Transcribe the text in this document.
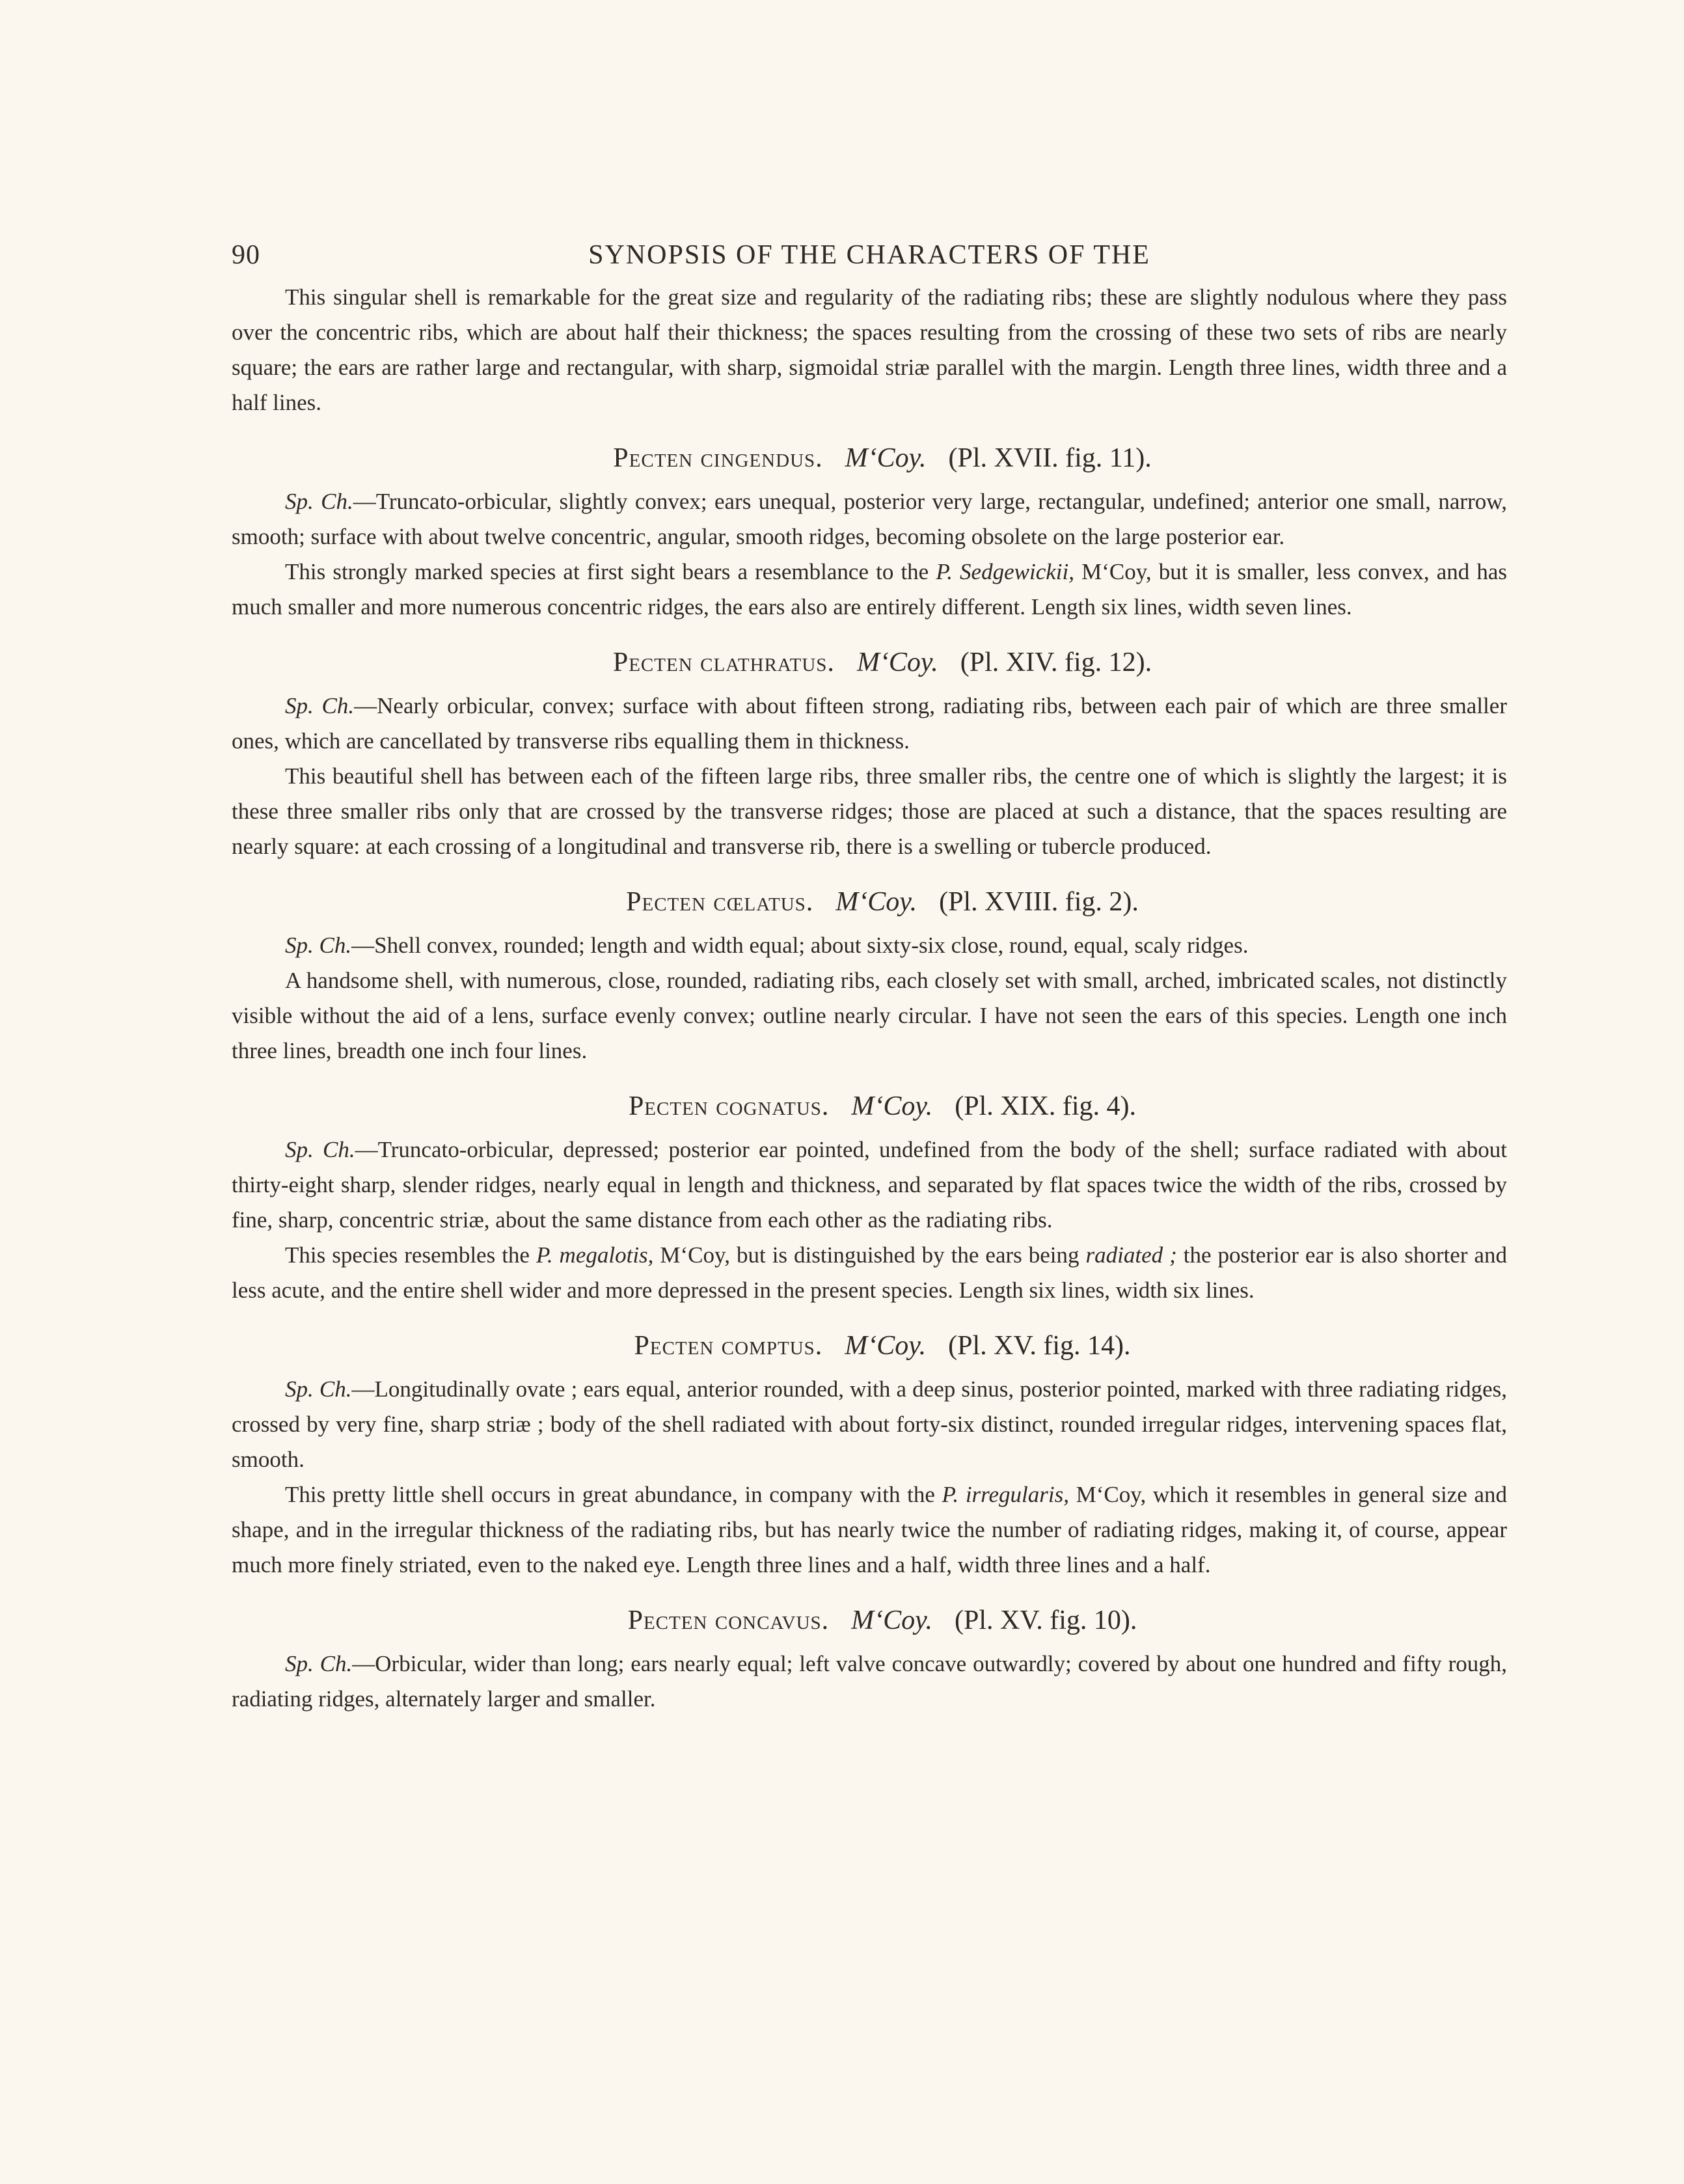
90	SYNOPSIS OF THE CHARACTERS OF THE

This singular shell is remarkable for the great size and regularity of the radiating ribs; these are slightly nodulous where they pass over the concentric ribs, which are about half their thickness; the spaces resulting from the crossing of these two sets of ribs are nearly square; the ears are rather large and rectangular, with sharp, sigmoidal striæ parallel with the margin. Length three lines, width three and a half lines.

Pecten cingendus. M‘Coy. (Pl. XVII. fig. 11).

Sp. Ch.—Truncato-orbicular, slightly convex; ears unequal, posterior very large, rectangular, undefined; anterior one small, narrow, smooth; surface with about twelve concentric, angular, smooth ridges, becoming obsolete on the large posterior ear.

This strongly marked species at first sight bears a resemblance to the P. Sedgewickii, M‘Coy, but it is smaller, less convex, and has much smaller and more numerous concentric ridges, the ears also are entirely different. Length six lines, width seven lines.

Pecten clathratus. M‘Coy. (Pl. XIV. fig. 12).

Sp. Ch.—Nearly orbicular, convex; surface with about fifteen strong, radiating ribs, between each pair of which are three smaller ones, which are cancellated by transverse ribs equalling them in thickness.

This beautiful shell has between each of the fifteen large ribs, three smaller ribs, the centre one of which is slightly the largest; it is these three smaller ribs only that are crossed by the transverse ridges; those are placed at such a distance, that the spaces resulting are nearly square: at each crossing of a longitudinal and transverse rib, there is a swelling or tubercle produced.

Pecten cœlatus. M‘Coy. (Pl. XVIII. fig. 2).

Sp. Ch.—Shell convex, rounded; length and width equal; about sixty-six close, round, equal, scaly ridges.

A handsome shell, with numerous, close, rounded, radiating ribs, each closely set with small, arched, imbricated scales, not distinctly visible without the aid of a lens, surface evenly convex; outline nearly circular. I have not seen the ears of this species. Length one inch three lines, breadth one inch four lines.

Pecten cognatus. M‘Coy. (Pl. XIX. fig. 4).

Sp. Ch.—Truncato-orbicular, depressed; posterior ear pointed, undefined from the body of the shell; surface radiated with about thirty-eight sharp, slender ridges, nearly equal in length and thickness, and separated by flat spaces twice the width of the ribs, crossed by fine, sharp, concentric striæ, about the same distance from each other as the radiating ribs.

This species resembles the P. megalotis, M‘Coy, but is distinguished by the ears being radiated ; the posterior ear is also shorter and less acute, and the entire shell wider and more depressed in the present species. Length six lines, width six lines.

Pecten comptus. M‘Coy. (Pl. XV. fig. 14).

Sp. Ch.—Longitudinally ovate ; ears equal, anterior rounded, with a deep sinus, posterior pointed, marked with three radiating ridges, crossed by very fine, sharp striæ ; body of the shell radiated with about forty-six distinct, rounded irregular ridges, intervening spaces flat, smooth.

This pretty little shell occurs in great abundance, in company with the P. irregularis, M‘Coy, which it resembles in general size and shape, and in the irregular thickness of the radiating ribs, but has nearly twice the number of radiating ridges, making it, of course, appear much more finely striated, even to the naked eye. Length three lines and a half, width three lines and a half.

Pecten concavus. M‘Coy. (Pl. XV. fig. 10).

Sp. Ch.—Orbicular, wider than long; ears nearly equal; left valve concave outwardly; covered by about one hundred and fifty rough, radiating ridges, alternately larger and smaller.
